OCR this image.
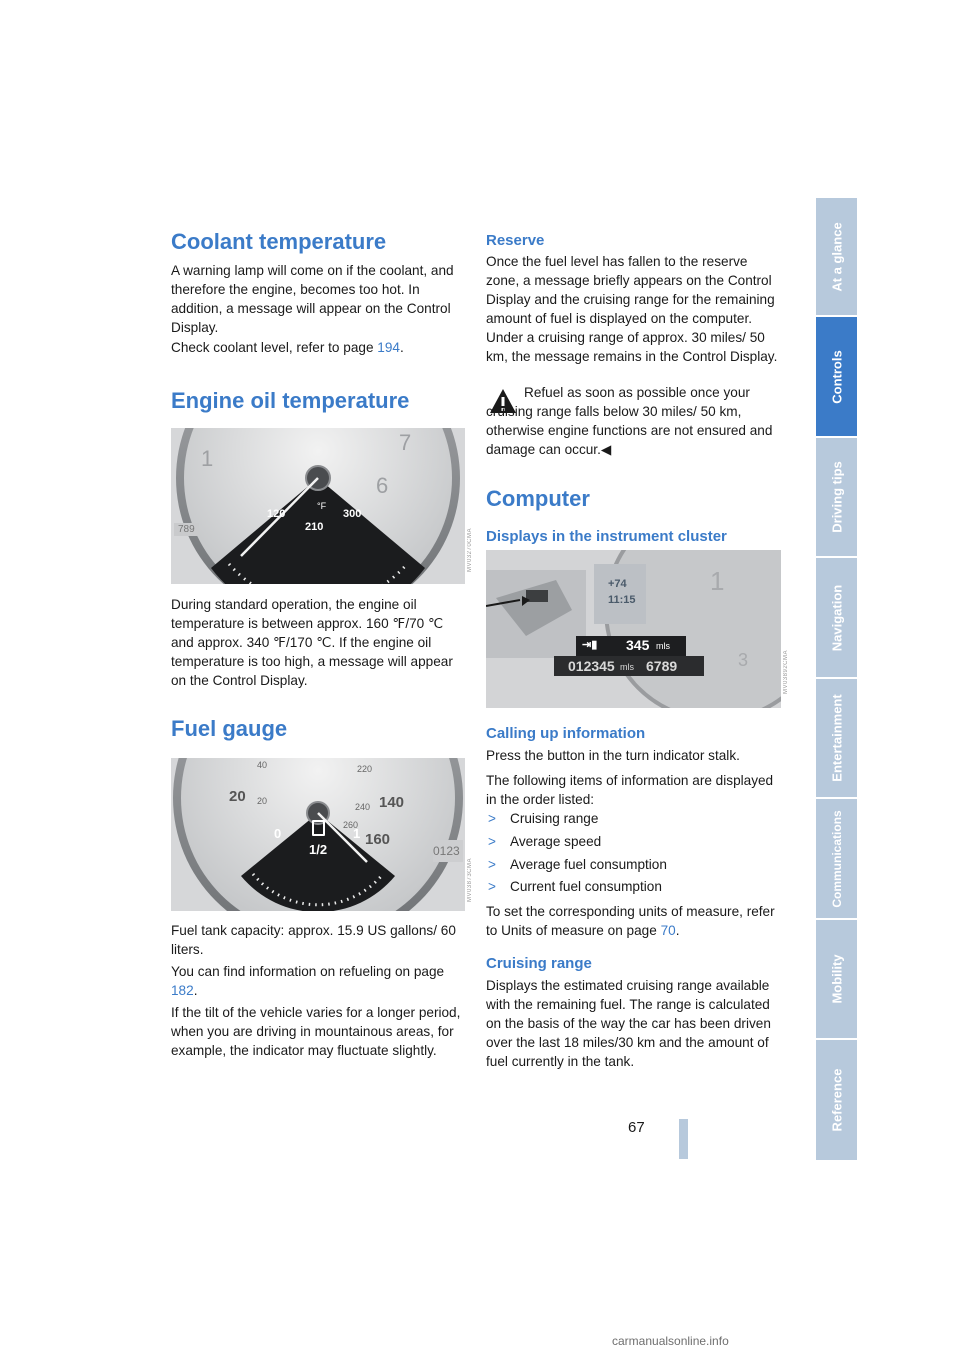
Coolant temperature

A warning lamp will come on if the coolant, and therefore the engine, becomes too hot. In addition, a message will appear on the Control Display.

Check coolant level, refer to page 194.

Engine oil temperature
1
7
6
120
210
300
°F
789	MV03270CMA

During standard operation, the engine oil temperature is between approx. 160 ℉/70 ℃ and approx. 340 ℉/170 ℃. If the engine oil temperature is too high, a message will appear on the Control Display.

Fuel gauge
20
40
20	140
160
220
240
260
0
1/2
1
0123
MV03873CMA

Fuel tank capacity: approx. 15.9 US gallons/ 60 liters.

You can find information on refueling on page 182.

If the tilt of the vehicle varies for a longer period, when you are driving in mountainous areas, for example, the indicator may fluctuate slightly.

Reserve

Once the fuel level has fallen to the reserve zone, a message briefly appears on the Control Display and the cruising range for the remaining amount of fuel is displayed on the computer. Under a cruising range of approx. 30 miles/ 50 km, the message remains in the Control Display.

Refuel as soon as possible once your cruising range falls below 30 miles/ 50 km, otherwise engine functions are not ensured and damage can occur.◀

Computer
Displays in the instrument cluster
1
3
⇥▮ 345 mls
012345 mls 6789
+74
11:15
MV03892CMA
Calling up information

Press the button in the turn indicator stalk.

The following items of information are displayed in the order listed:

> Cruising range
> Average speed
> Average fuel consumption
> Current fuel consumption

To set the corresponding units of measure, refer to Units of measure on page 70.

Cruising range

Displays the estimated cruising range available with the remaining fuel. The range is calculated on the basis of the way the car has been driven over the last 18 miles/30 km and the amount of fuel currently in the tank.

At a glance
Controls
Driving tips
Navigation
Entertainment
Communications
Mobility
Reference
67
carmanualsonline.info
